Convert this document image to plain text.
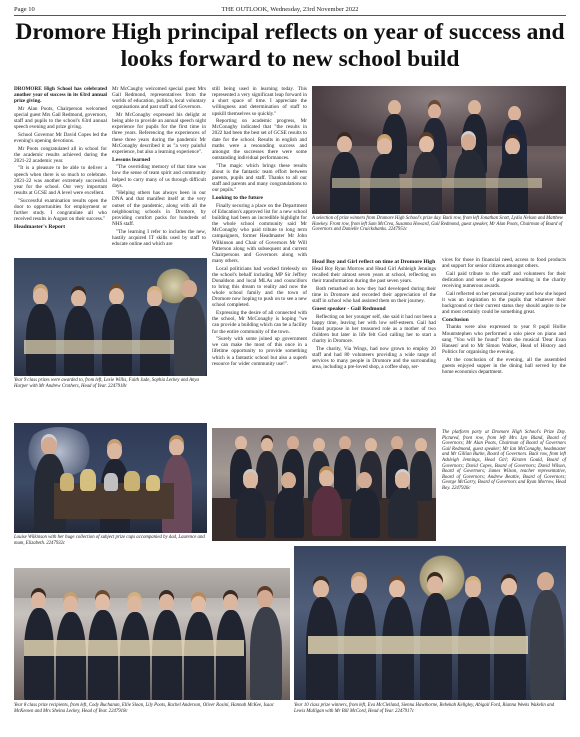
Page 10	THE OUTLOOK, Wednesday, 23rd November 2022
Dromore High principal reflects on year of success and looks forward to new school build

DROMORE High School has celebrated another year of success in its 63rd annual prize giving.

Mr Alan Poots, Chairperson welcomed special guest Mrs Gail Redmond, governors, staff and pupils to the school's 63rd annual speech evening and prize giving.

School Governor Mr David Copes led the evening's opening devotions.

Mr Poots congratulated all in school for the academic results achieved during the 2021-22 academic year.

"It is a pleasure to be able to deliver a speech when there is so much to celebrate. 2021-22 was another extremely successful year for the school. Our very important results at GCSE and A level were excellent.

"Successful examination results open the door to opportunities for employment or further study. I congratulate all who received results in August on their success."

Headmaster's Report

Mr McCaughy welcomed special guest Mrs Gail Redmond, representatives from the worlds of education, politics, local voluntary organisations and past staff and Governors.

Mr McConaghy expressed his delight at being able to provide an annual speech night experience for pupils for the first time in three years. Referencing the experiences of these three years during the pandemic Mr McConaghy described it as "a very painful experience, but also a learning experience".

Lessons learned

"The overriding memory of that time was how the sense of team spirit and community helped to carry many of us through difficult days.

"Helping others has always been in our DNA and that manifest itself at the very outset of the pandemic, along with all the neighbouring schools in Dromore, by providing comfort packs for hundreds of NHS staff.

"The learning I refer to includes the new, hastily acquired IT skills used by staff to educate online and which are

still being used in learning today. This represented a very significant leap forward in a short space of time. I appreciate the willingness and determination of staff to upskill themselves so quickly."

Reporting on academic progress, Mr McConaghy indicated that "the results in 2022 had been the best set of GCSE results to date for the school. Results in english and maths were a resounding success and amongst the successes there were some outstanding individual performances.

"The magic which brings these results about is the fantastic team effort between parents, pupils and staff. Thanks to all our staff and parents and many congratulations to our pupils."

Looking to the future

Finally securing a place on the Department of Education's approved list for a new school building had been an incredible highlight for the whole school community said Mr McConaghy who paid tribute to long term campaigners, former Headmaster Mr John Wilkinson and Chair of Governors Mr Will Patterson along with subsequent and current Chairpersons and Governors along with many others.

Local politicians had worked tirelessly on the school's behalf including MP Sir Jeffrey Donaldson and local MLAs and councillors to bring this dream to reality and now the whole school family and the town of Dromore now hoping to push on to see a new school completed.

Expressing the desire of all connected with the school, Mr McConaghy is hoping "we can provide a building which can be a facility for the entire community of the town.

"Surely with some joined up government we can make the most of this once in a lifetime opportunity to provide something which is a fantastic school but also a superb resource for wider community use!".

Head Boy and Girl reflect on time at Dromore High

Head Boy Ryan Morrow and Head Girl Ashleigh Jennings recalled their almost seven years at school, reflecting on their transformation during the past seven years.

Both remarked on how they had developed during their time in Dromore and recorded their appreciation of the staff in school who had assisted them on their journey.

Guest speaker - Gail Redmond

Reflecting on her younger self, she said it had not been a happy time, leaving her with low self-esteem. Gail had found purpose in her treasured role as a mother of two children but later in life felt God calling her to start a charity in Dromore.

The charity, Via Wings, had now grown to employ 20 staff and had 80 volunteers providing a wide range of services to many people in Dromore and the surrounding area, including a pre-loved shop, a coffee shop, ser-

vices for those in financial need, access to food products and support for senior citizens amongst others.

Gail paid tribute to the staff and volunteers for their dedication and sense of purpose resulting in the charity receiving numerous awards.

Gail reflected on her personal journey and how she hoped it was an inspiration to the pupils that whatever their background or their current status they should aspire to be and most certainly could be something great.

Conclusion

Thanks were also expressed to year 8 pupil Hollie Mountstephen who performed a solo piece on piano and sang "You will be found" from the musical 'Dear Evan Hansen' and to Mr Simon Walker, Head of History and Politics for organising the evening.

At the conclusion of the evening, all the assembled guests enjoyed supper in the dining hall served by the home economics department.

A selection of prize winners from Dromore High School's prize day. Back row, from left Jonathan Scott, Lydia Nelson and Matthew Hawkey. Front row, from left Sam McCrea, Susanna Howard, Gail Redmond, guest speaker, Mr Alan Poots, Chairman of Board of Governors and Danielle Cruickshanks. 2247951c
Year 9 class prizes were awarded to, from left, Lexie Willis, Faith Jude, Sophia Leckey and Anya Harper with Mr Andrew Crothers, Head of Year. 2247918c
Louise Wilkinson with her huge collection of subject prize cups accompanied by dad, Laurence and mum, Elizabeth. 2247932c
The platform party at Dromore High School's Prize Day. Pictured, front row, from left Mrs Lyn Bland, Board of Governors; Mr Alan Poots, Chairman of Board of Governors Gail Redmond, guest speaker; Mr Ian McConaghy, headmaster and Mr Gillian Burke, Board of Governors. Back row, from left Ashleigh Jennings, Head Girl; Kirsten Gould, Board of Governors; David Copes, Board of Governors; David Wilson, Board of Governors; James Wilson, teacher representative, Board of Governors; Andrew Beattie, Board of Governors; George McGarry, Board of Governors and Ryan Morrow, Head Boy. 2247926c
Year 8 class prize recipients, from left, Cody Buchanan, Ellie Sloan, Lily Poots, Rachel Anderson, Oliver Rosini, Hannah McKee, Isaac McKeown and Mrs Sheina Leckey, Head of Year. 2247918c
Year 10 class prize winners, from left, Eva McClelland, Sienna Hawthorne, Rebekah Kellgley, Abigail Ford, Rianna Weeks Wakelin and Lewis Mulligan with Mr Bill McCord, Head of Year. 2247917c
